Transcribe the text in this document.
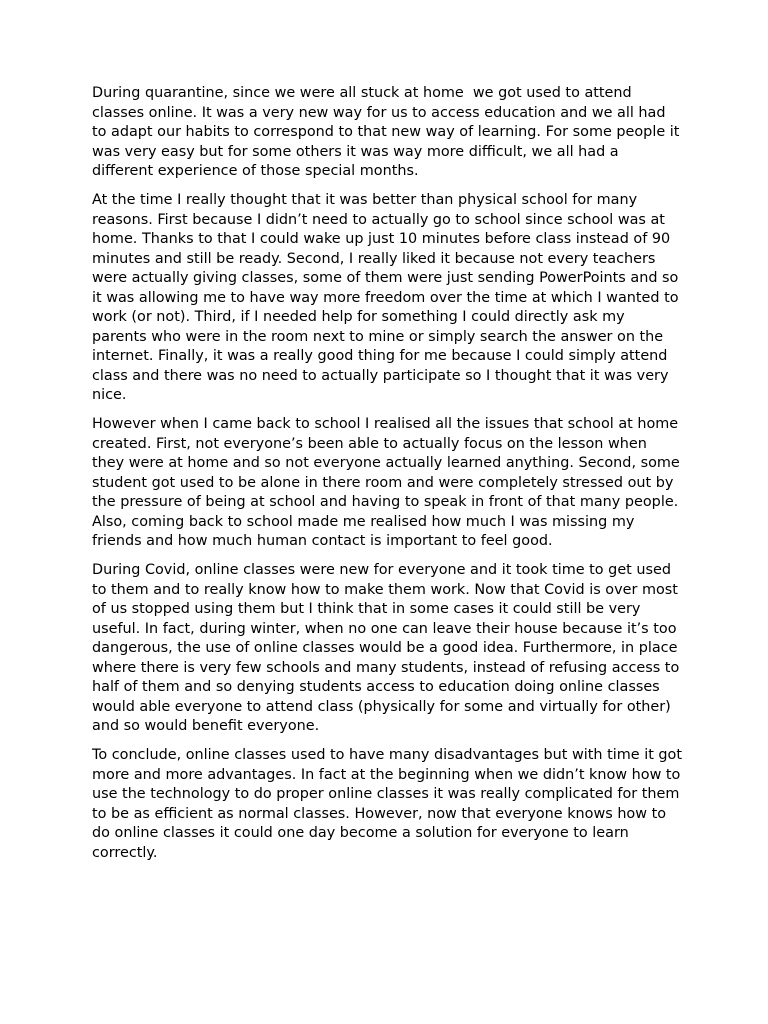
During quarantine, since we were all stuck at home  we got used to attend classes online. It was a very new way for us to access education and we all had to adapt our habits to correspond to that new way of learning. For some people it was very easy but for some others it was way more difficult, we all had a different experience of those special months.

At the time I really thought that it was better than physical school for many reasons. First because I didn’t need to actually go to school since school was at home. Thanks to that I could wake up just 10 minutes before class instead of 90 minutes and still be ready. Second, I really liked it because not every teachers were actually giving classes, some of them were just sending PowerPoints and so it was allowing me to have way more freedom over the time at which I wanted to work (or not). Third, if I needed help for something I could directly ask my parents who were in the room next to mine or simply search the answer on the internet. Finally, it was a really good thing for me because I could simply attend class and there was no need to actually participate so I thought that it was very nice.

However when I came back to school I realised all the issues that school at home created. First, not everyone’s been able to actually focus on the lesson when  they were at home and so not everyone actually learned anything. Second, some student got used to be alone in there room and were completely stressed out by the pressure of being at school and having to speak in front of that many people. Also, coming back to school made me realised how much I was missing my friends and how much human contact is important to feel good.

During Covid, online classes were new for everyone and it took time to get used to them and to really know how to make them work. Now that Covid is over most of us stopped using them but I think that in some cases it could still be very useful. In fact, during winter, when no one can leave their house because it’s too dangerous, the use of online classes would be a good idea. Furthermore, in place where there is very few schools and many students, instead of refusing access to half of them and so denying students access to education doing online classes would able everyone to attend class (physically for some and virtually for other) and so would benefit everyone.

To conclude, online classes used to have many disadvantages but with time it got more and more advantages. In fact at the beginning when we didn’t know how to use the technology to do proper online classes it was really complicated for them to be as efficient as normal classes. However, now that everyone knows how to do online classes it could one day become a solution for everyone to learn correctly.
